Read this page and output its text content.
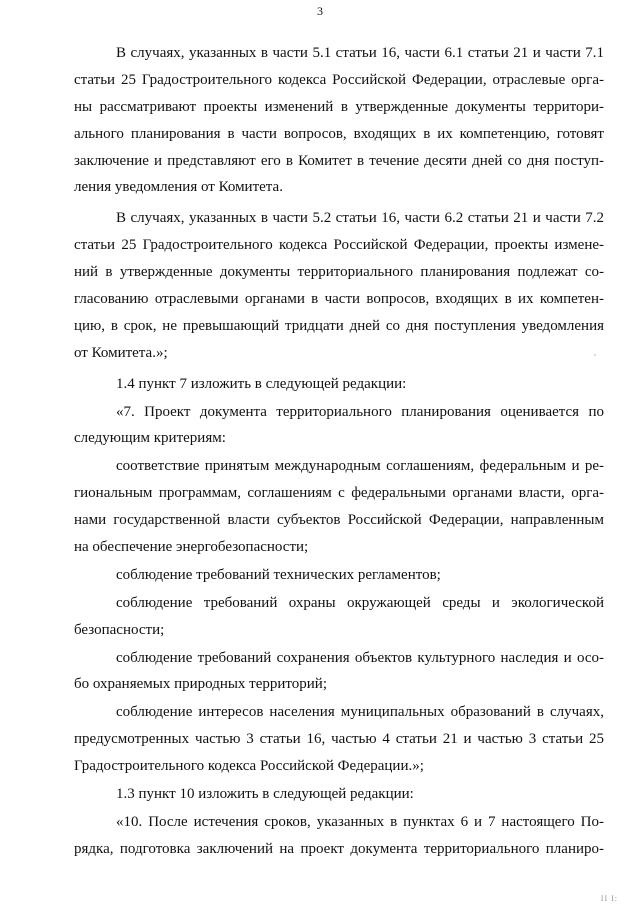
3
В случаях, указанных в части 5.1 статьи 16, части 6.1 статьи 21 и части 7.1
статьи 25 Градостроительного кодекса Российской Федерации, отраслевые орга-
ны рассматривают проекты изменений в утвержденные документы территори-
ального планирования в части вопросов, входящих в их компетенцию, готовят
заключение и представляют его в Комитет в течение десяти дней со дня поступ-
ления уведомления от Комитета.
В случаях, указанных в части 5.2 статьи 16, части 6.2 статьи 21 и части 7.2
статьи 25 Градостроительного кодекса Российской Федерации, проекты измене-
ний в утвержденные документы территориального планирования подлежат со-
гласованию отраслевыми органами в части вопросов, входящих в их компетен-
цию, в срок, не превышающий тридцати дней со дня поступления уведомления
от Комитета.»;
1.4 пункт 7 изложить в следующей редакции:
«7. Проект документа территориального планирования оценивается по
следующим критериям:
соответствие принятым международным соглашениям, федеральным и ре-
гиональным программам, соглашениям с федеральными органами власти, орга-
нами государственной власти субъектов Российской Федерации, направленным
на обеспечение энергобезопасности;
соблюдение требований технических регламентов;
соблюдение требований охраны окружающей среды и экологической
безопасности;
соблюдение требований сохранения объектов культурного наследия и осо-
бо охраняемых природных территорий;
соблюдение интересов населения муниципальных образований в случаях,
предусмотренных частью 3 статьи 16, частью 4 статьи 21 и частью 3 статьи 25
Градостроительного кодекса Российской Федерации.»;
1.3 пункт 10 изложить в следующей редакции:
«10. После истечения сроков, указанных в пунктах 6 и 7 настоящего По-
рядка, подготовка заключений на проект документа территориального планиро-
II I:
